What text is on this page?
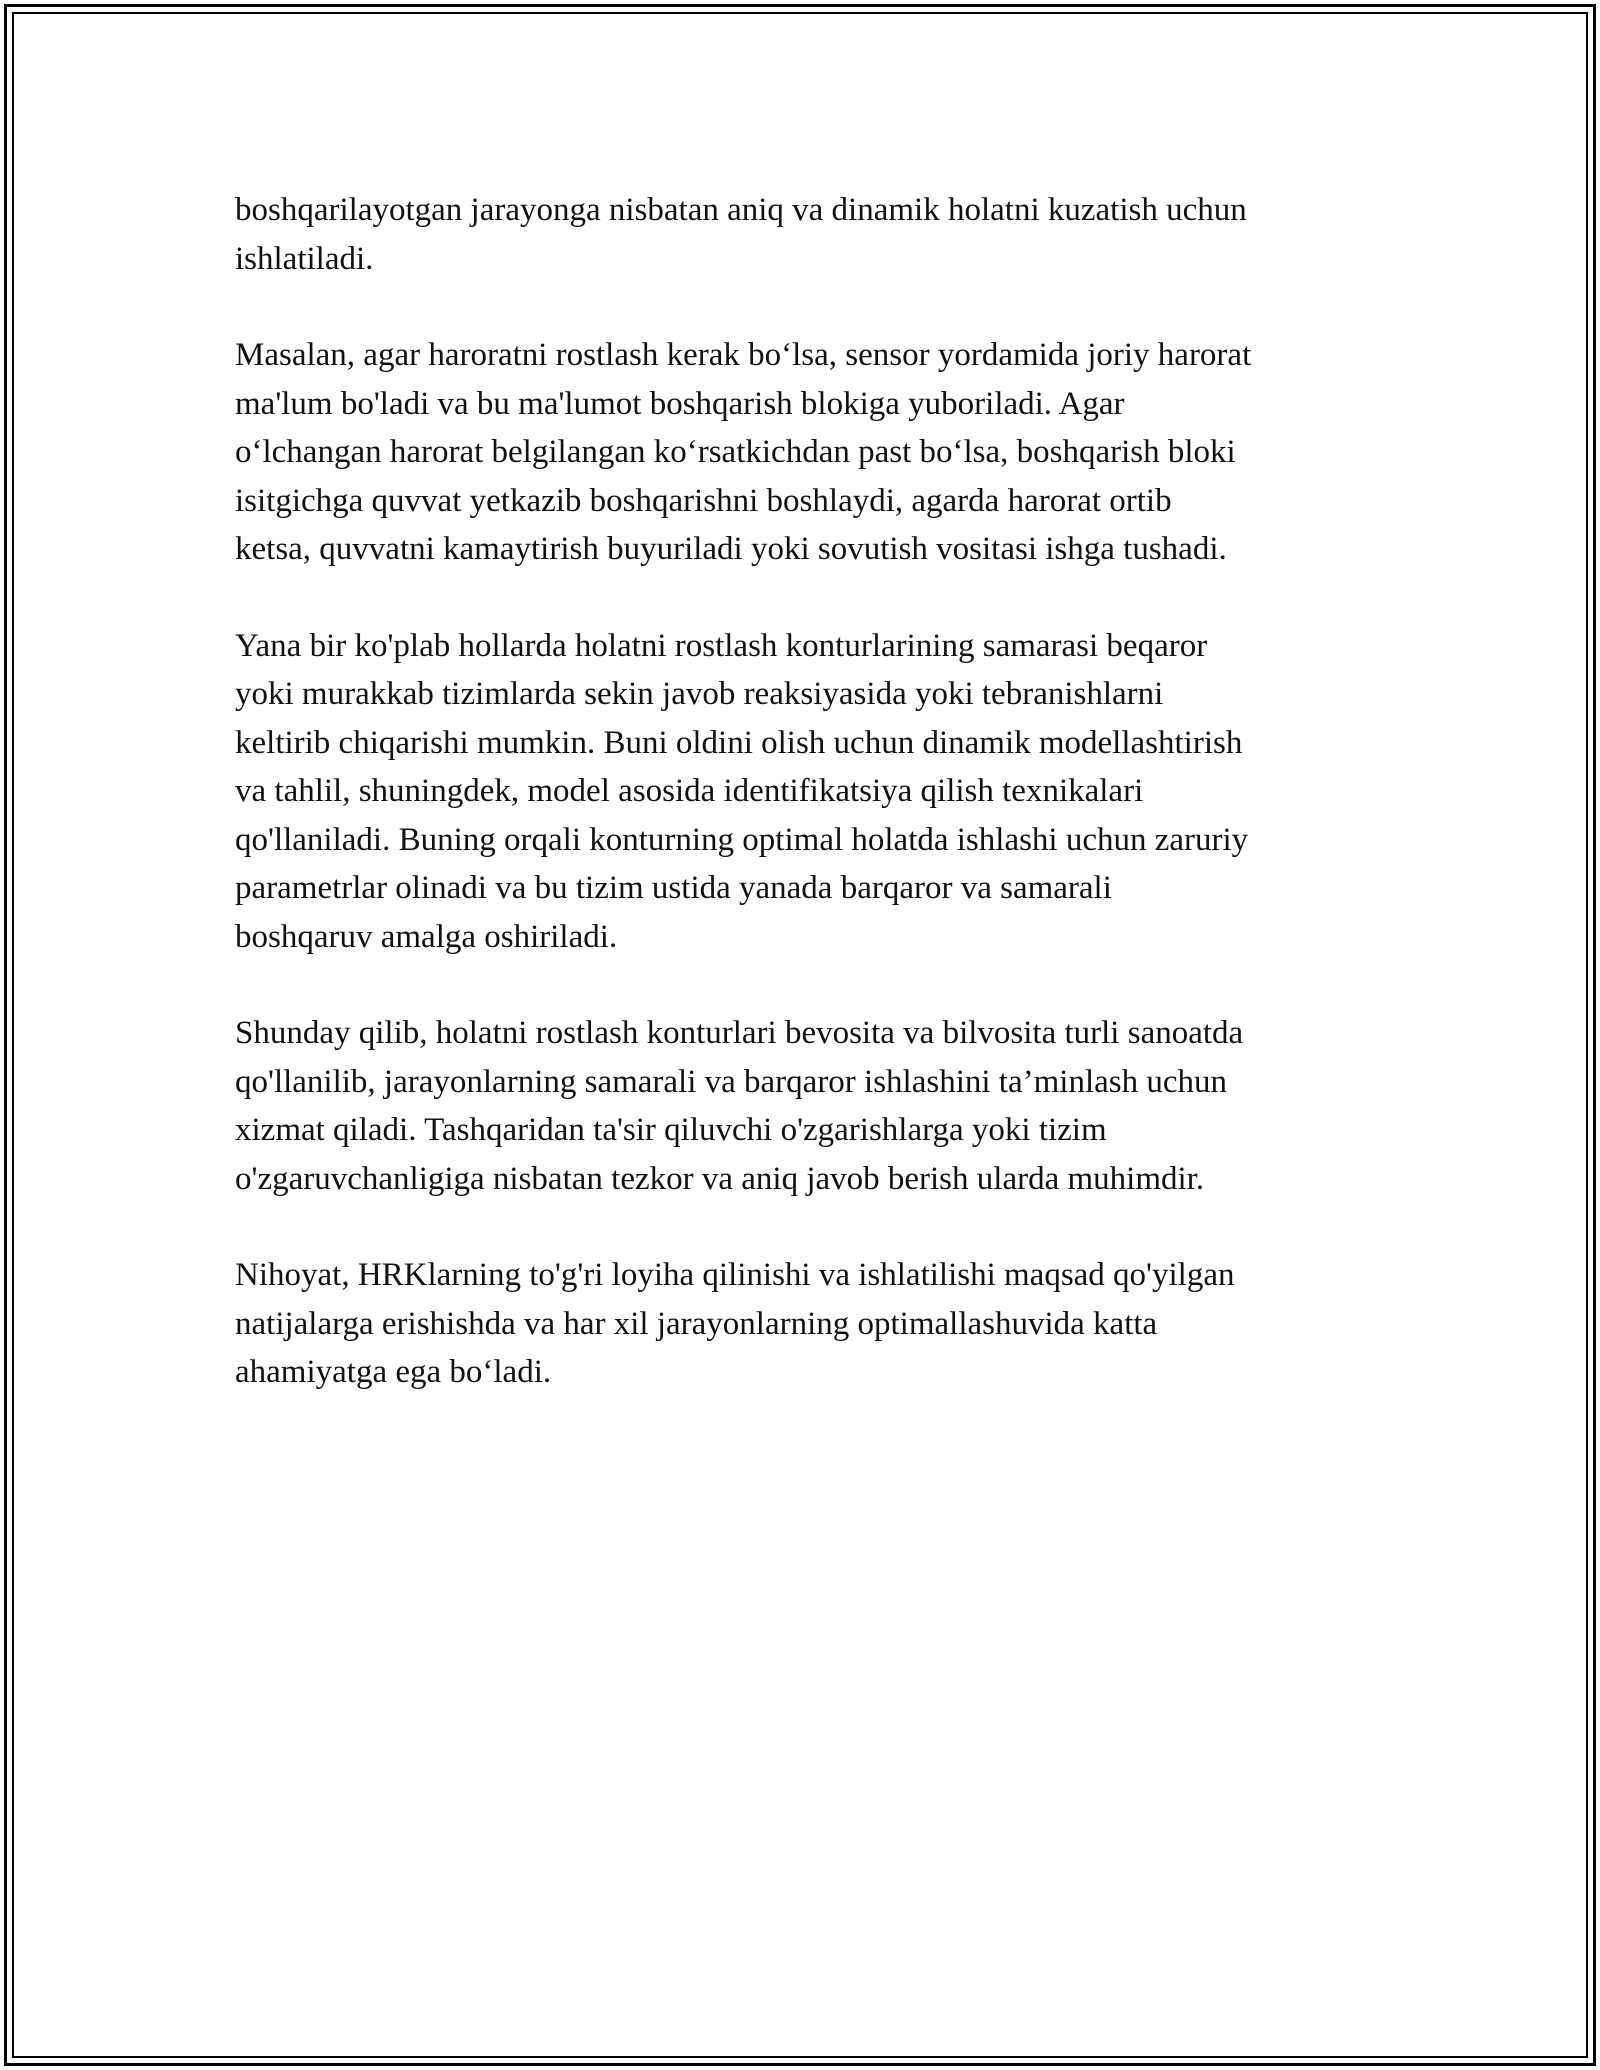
boshqarilayotgan jarayonga nisbatan aniq va dinamik holatni kuzatish uchun
ishlatiladi.

Masalan, agar haroratni rostlash kerak bo‘lsa, sensor yordamida joriy harorat
ma'lum bo'ladi va bu ma'lumot boshqarish blokiga yuboriladi. Agar
o‘lchangan harorat belgilangan ko‘rsatkichdan past bo‘lsa, boshqarish bloki
isitgichga quvvat yetkazib boshqarishni boshlaydi, agarda harorat ortib
ketsa, quvvatni kamaytirish buyuriladi yoki sovutish vositasi ishga tushadi.

Yana bir ko'plab hollarda holatni rostlash konturlarining samarasi beqaror
yoki murakkab tizimlarda sekin javob reaksiyasida yoki tebranishlarni
keltirib chiqarishi mumkin. Buni oldini olish uchun dinamik modellashtirish
va tahlil, shuningdek, model asosida identifikatsiya qilish texnikalari
qo'llaniladi. Buning orqali konturning optimal holatda ishlashi uchun zaruriy
parametrlar olinadi va bu tizim ustida yanada barqaror va samarali
boshqaruv amalga oshiriladi.

Shunday qilib, holatni rostlash konturlari bevosita va bilvosita turli sanoatda
qo'llanilib, jarayonlarning samarali va barqaror ishlashini ta’minlash uchun
xizmat qiladi. Tashqaridan ta'sir qiluvchi o'zgarishlarga yoki tizim
o'zgaruvchanligiga nisbatan tezkor va aniq javob berish ularda muhimdir.

Nihoyat, HRKlarning to'g'ri loyiha qilinishi va ishlatilishi maqsad qo'yilgan
natijalarga erishishda va har xil jarayonlarning optimallashuvida katta
ahamiyatga ega bo‘ladi.
